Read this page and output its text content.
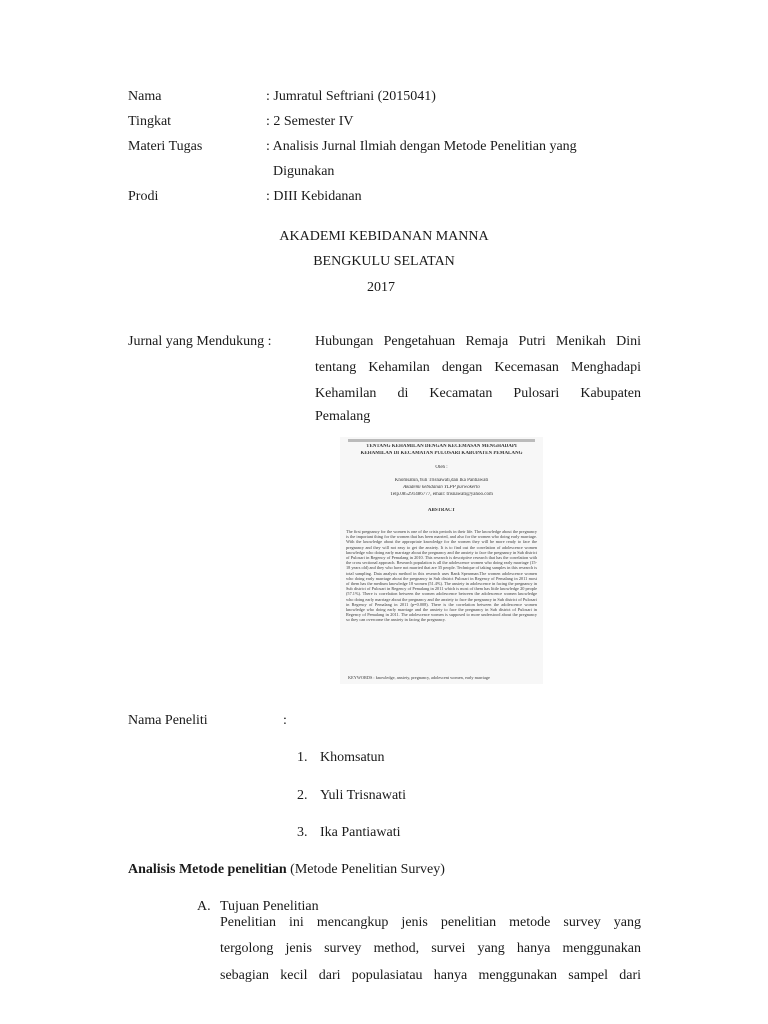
Nama	: Jumratul Seftriani (2015041)
Tingkat	: 2 Semester IV
Materi Tugas	: Analisis Jurnal Ilmiah dengan Metode Penelitian yang
Digunakan
Prodi	: DIII Kebidanan
AKADEMI KEBIDANAN MANNA
BENGKULU SELATAN
2017
Jurnal yang Mendukung :	Hubungan Pengetahuan Remaja Putri Menikah Dini
tentang Kehamilan dengan Kecemasan Menghadapi
Kehamilan di Kecamatan Pulosari Kabupaten
Pemalang
TENTANG KEHAMILAN DENGAN KECEMASAN MENGHADAPI
KEHAMILAN DI KECAMATAN PULOSARI KABUPATEN PEMALANG
Oleh :
Khomsatun,Yuli Trisnawati,dan Ika Pantiawati
Akademi kebidanan YLPP purwokerto
Telp.085291486777, email: trisnawati@yahoo.com
ABSTRACT
The first pregnancy for the women is one of the crisis periods in their life. The knowledge about the pregnancy is the important thing for the women that has been married, and also for the women who doing early marriage. With the knowledge about the appropriate knowledge for the women they will be more ready to face the pregnancy and they will not easy to get the anxiety. It is to find out the correlation of adolescence women knowledge who doing early marriage about the pregnancy and the anxiety to face the pregnancy in Sub district of Pulosari in Regency of Pemalang in 2010. This research is descriptive research that has the correlation with the cross sectional approach. Research population is all the adolescence women who doing early marriage (15-18 years old) and they who have not married that are 35 people. Technique of taking samples in this research is total sampling. Data analysis method in this research uses Rank Spearman.The women adolescence women who doing early marriage about the pregnancy in Sub district Pulosari in Regency of Pemalang in 2011 most of them has the medium knowledge 18 women (51.4%). The anxiety in adolescence in facing the pregnancy in Sub district of Pulosari in Regency of Pemalang in 2011 which is most of them has little knowledge 20 people (57.1%). There is correlation between the women adolescence between the adolescence women knowledge who doing early marriage about the pregnancy and the anxiety to face the pregnancy in Sub district of Pulosari in Regency of Pemalang in 2011 (p=0.008). There is the correlation between the adolescence women knowledge who doing early marriage and the anxiety to face the pregnancy in Sub district of Pulosari in Regency of Pemalang in 2011. The adolescence women is supposed to more understood about the pregnancy so they can overcome the anxiety in facing the pregnancy.
KEYWORDS : knowledge, anxiety, pregnancy, adolescent women, early marriage
Nama Peneliti	:
1. Khomsatun
2. Yuli Trisnawati
3. Ika Pantiawati
Analisis Metode penelitian (Metode Penelitian Survey)
A. Tujuan Penelitian
Penelitian ini mencangkup jenis penelitian metode survey yang
tergolong jenis survey method, survei yang hanya menggunakan
sebagian kecil dari populasiatau hanya menggunakan sampel dari
